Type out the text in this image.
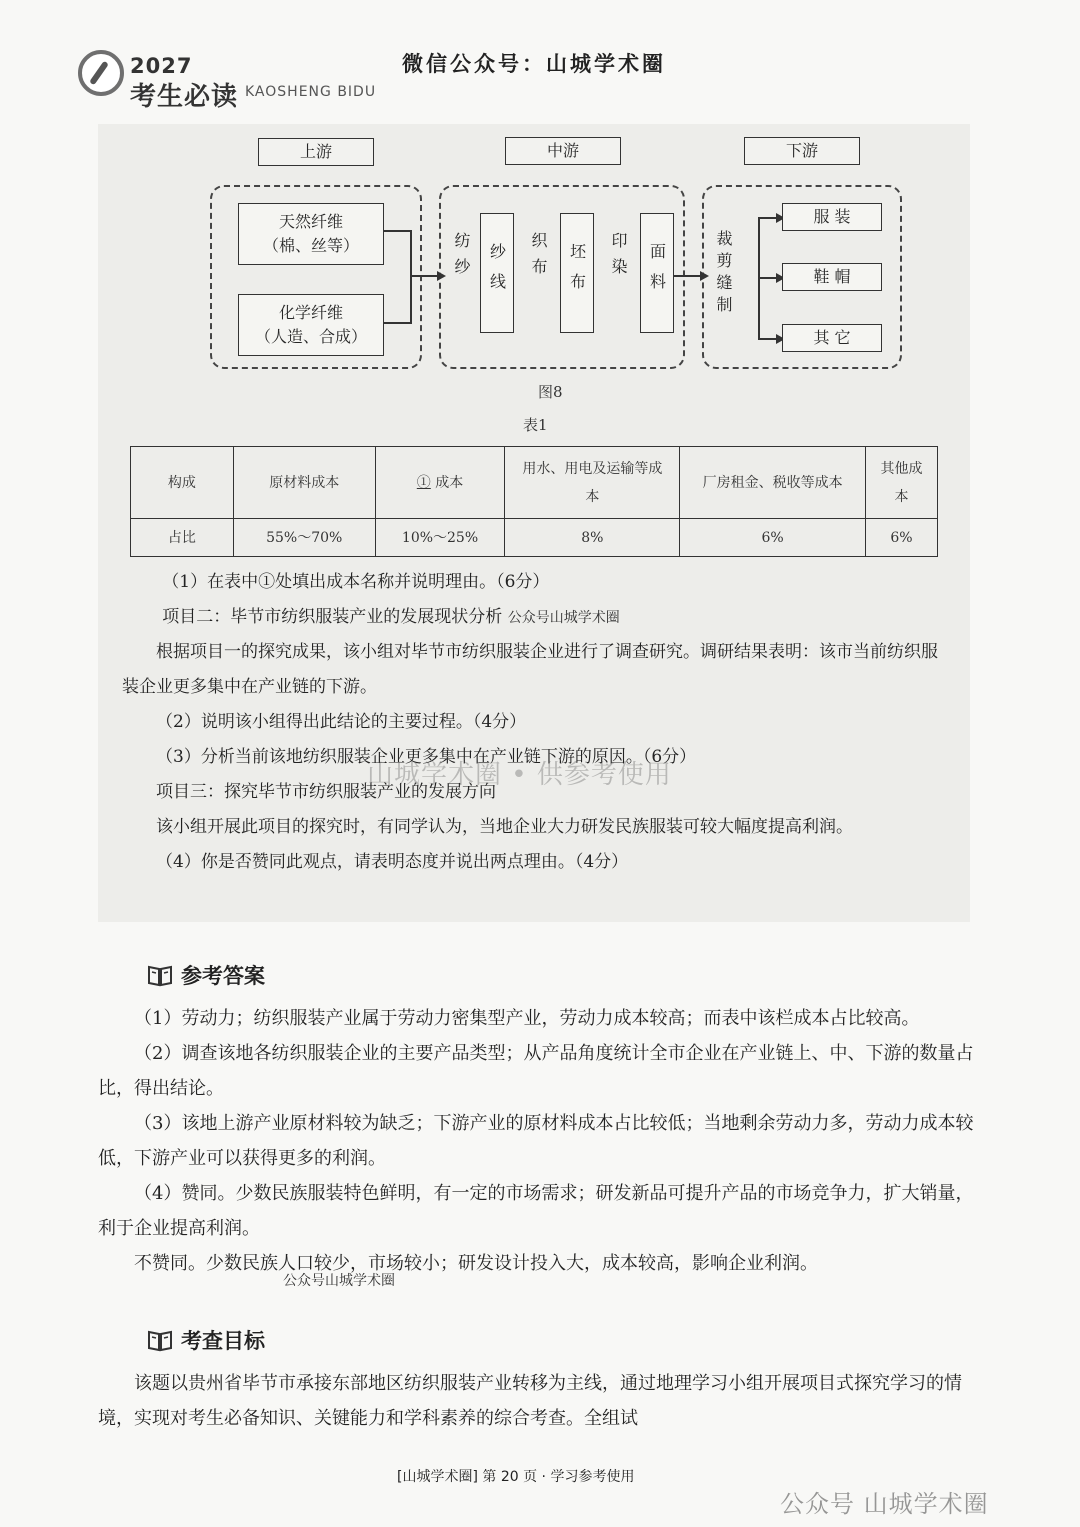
2027
考生必读 KAOSHENG BIDU
微信公众号：山城学术圈
上游	中游	下游
天然纤维
（棉、丝等）
化学纤维
（人造、合成）
纺纱	纱线	织布	坯布	印染	面料	裁剪缝制
服 装
鞋 帽
其 它
图8
表1
构成	原材料成本	① 成本	用水、用电及运输等成本	厂房租金、税收等成本	其他成本
占比	55%～70%	10%～25%	8%	6%	6%

（1）在表中①处填出成本名称并说明理由。（6分）

项目二：毕节市纺织服装产业的发展现状分析 公众号山城学术圈

根据项目一的探究成果，该小组对毕节市纺织服装企业进行了调查研究。调研结果表明：该市当前纺织服装企业更多集中在产业链的下游。

（2）说明该小组得出此结论的主要过程。（4分）

（3）分析当前该地纺织服装企业更多集中在产业链下游的原因。（6分）

项目三：探究毕节市纺织服装产业的发展方向

该小组开展此项目的探究时，有同学认为，当地企业大力研发民族服装可较大幅度提高利润。

（4）你是否赞同此观点，请表明态度并说出两点理由。（4分）

山城学术圈 • 供参考使用
参考答案

（1）劳动力；纺织服装产业属于劳动力密集型产业，劳动力成本较高；而表中该栏成本占比较高。

（2）调查该地各纺织服装企业的主要产品类型；从产品角度统计全市企业在产业链上、中、下游的数量占比，得出结论。

（3）该地上游产业原材料较为缺乏；下游产业的原材料成本占比较低；当地剩余劳动力多，劳动力成本较低，下游产业可以获得更多的利润。

（4）赞同。少数民族服装特色鲜明，有一定的市场需求；研发新品可提升产品的市场竞争力，扩大销量，利于企业提高利润。

不赞同。少数民族人口较少，市场较小；研发设计投入大，成本较高，影响企业利润。

公众号山城学术圈
考查目标

该题以贵州省毕节市承接东部地区纺织服装产业转移为主线，通过地理学习小组开展项目式探究学习的情境，实现对考生必备知识、关键能力和学科素养的综合考查。全组试

[山城学术圈] 第 20 页 · 学习参考使用
公众号 山城学术圈
